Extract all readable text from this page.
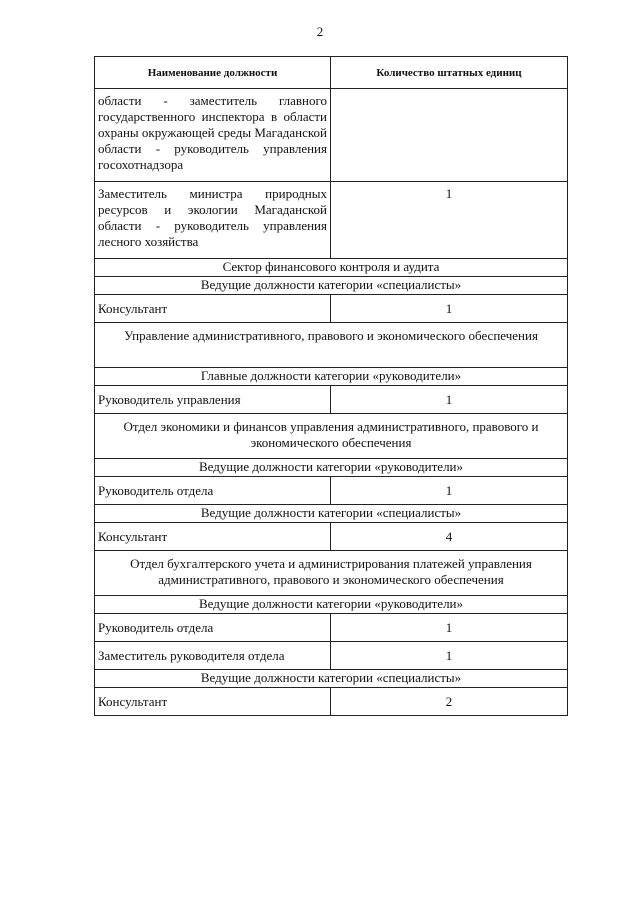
2
Наименование должности	Количество штатных единиц
области - заместитель главного государственного инспектора в области охраны окружающей среды Магаданской области - руководитель управления госохотнадзора	
Заместитель министра природных ресурсов и экологии Магаданской области - руководитель управления лесного хозяйства	1
Сектор финансового контроля и аудита	
Ведущие должности категории «специалисты»	
Консультант	1
Управление административного, правового и экономического обеспечения	
Главные должности категории «руководители»	
Руководитель управления	1
Отдел экономики и финансов управления административного, правового и экономического обеспечения	
Ведущие должности категории «руководители»	
Руководитель отдела	1
Ведущие должности категории «специалисты»	
Консультант	4
Отдел бухгалтерского учета и администрирования платежей управления административного, правового и экономического обеспечения	
Ведущие должности категории «руководители»	
Руководитель отдела	1
Заместитель руководителя отдела	1
Ведущие должности категории «специалисты»	
Консультант	2
